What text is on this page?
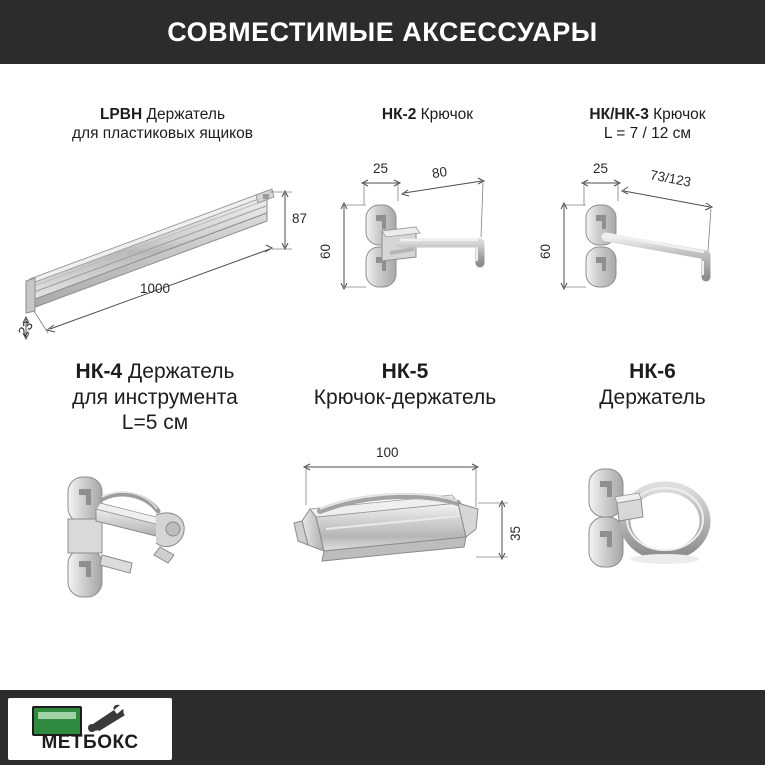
СОВМЕСТИМЫЕ АКСЕССУАРЫ
LPBH Держатель
для пластиковых ящиков
87
1000
23
НК-2 Крючок
25	80
60
НК/НК-3 Крючок
L = 7 / 12 см
25	73/123
60
НК-4 Держатель
для инструмента
L=5 см
НК-5
Крючок-держатель
100
35
НК-6
Держатель
МЕТБОКС
